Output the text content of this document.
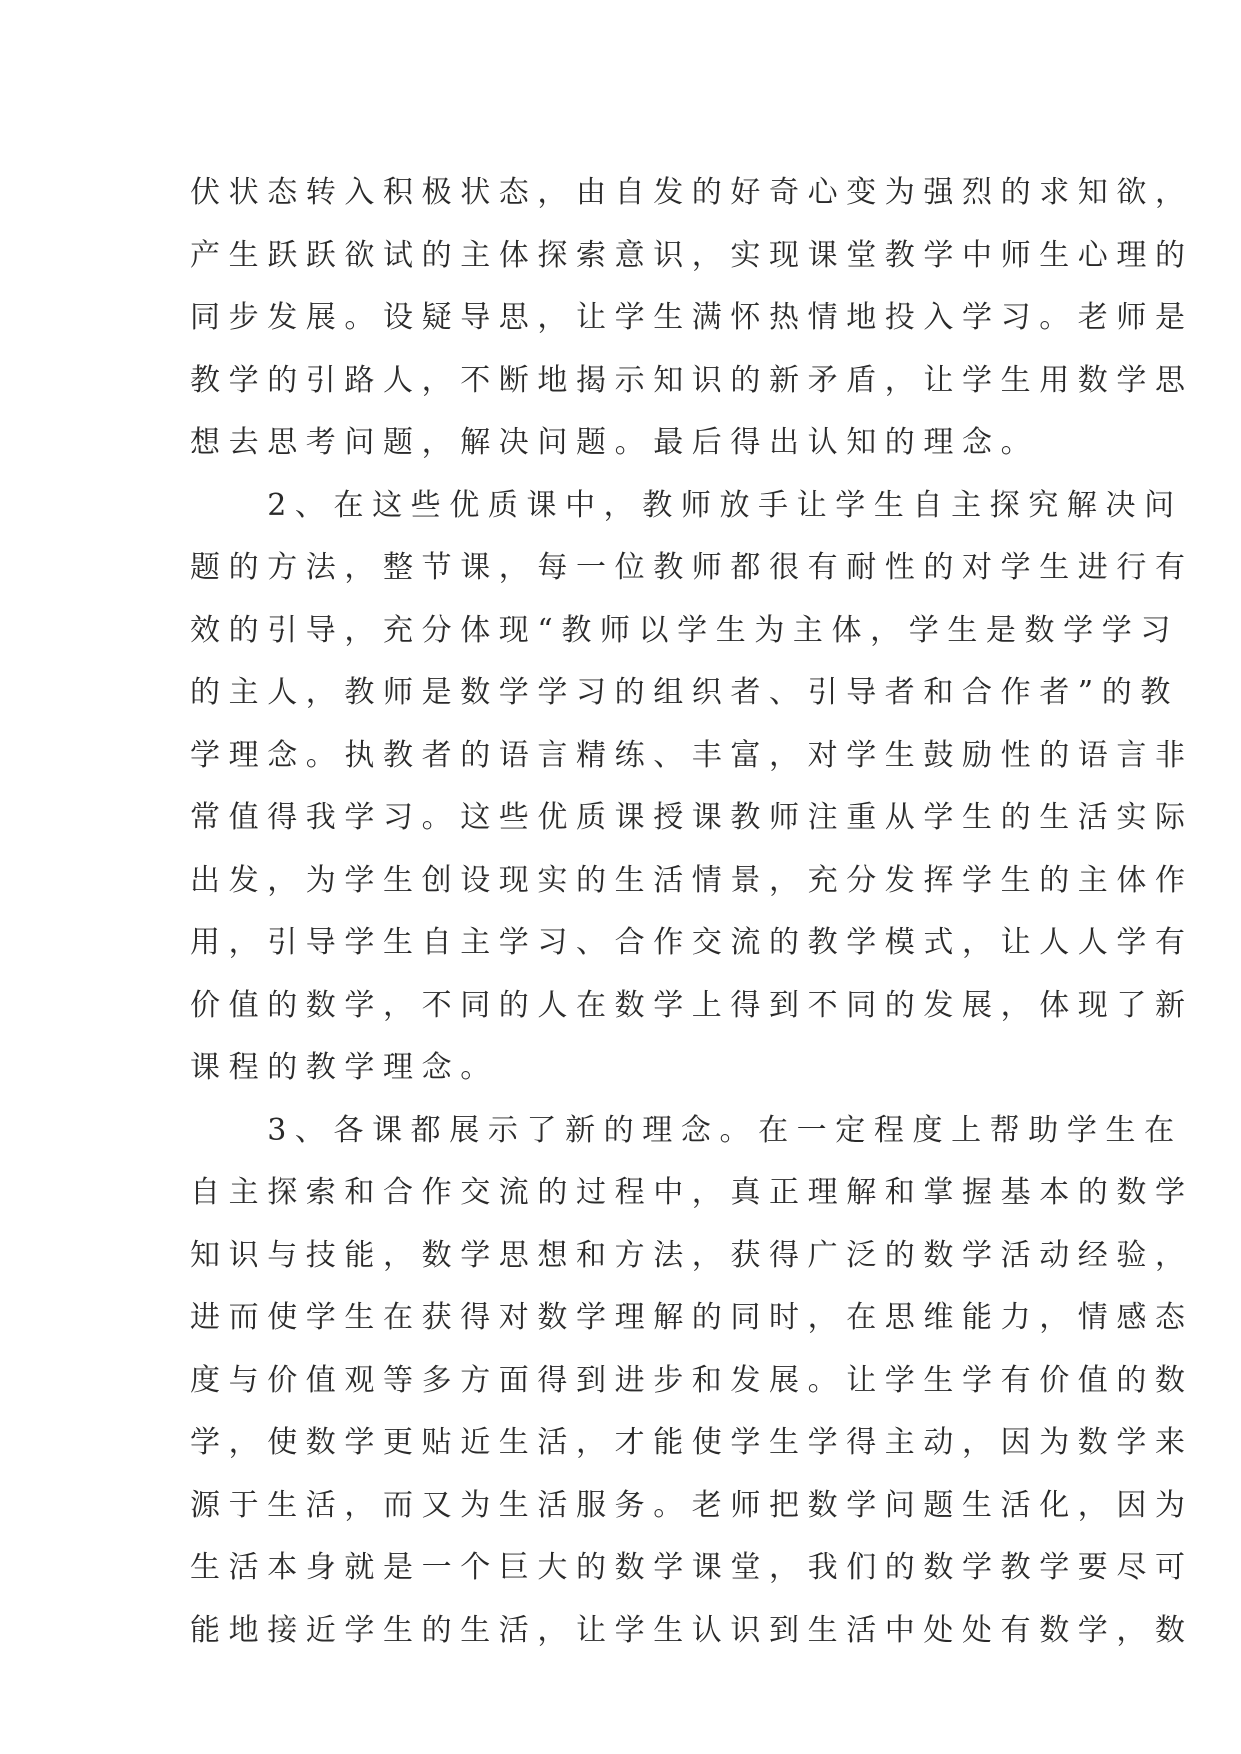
伏状态转入积极状态，由自发的好奇心变为强烈的求知欲，
产生跃跃欲试的主体探索意识，实现课堂教学中师生心理的
同步发展。设疑导思，让学生满怀热情地投入学习。老师是
教学的引路人，不断地揭示知识的新矛盾，让学生用数学思
想去思考问题，解决问题。最后得出认知的理念。
　　2、在这些优质课中，教师放手让学生自主探究解决问
题的方法，整节课，每一位教师都很有耐性的对学生进行有
效的引导，充分体现“教师以学生为主体，学生是数学学习
的主人，教师是数学学习的组织者、引导者和合作者”的教
学理念。执教者的语言精练、丰富，对学生鼓励性的语言非
常值得我学习。这些优质课授课教师注重从学生的生活实际
出发，为学生创设现实的生活情景，充分发挥学生的主体作
用，引导学生自主学习、合作交流的教学模式，让人人学有
价值的数学，不同的人在数学上得到不同的发展，体现了新
课程的教学理念。
　　3、各课都展示了新的理念。在一定程度上帮助学生在
自主探索和合作交流的过程中，真正理解和掌握基本的数学
知识与技能，数学思想和方法，获得广泛的数学活动经验，
进而使学生在获得对数学理解的同时，在思维能力，情感态
度与价值观等多方面得到进步和发展。让学生学有价值的数
学，使数学更贴近生活，才能使学生学得主动，因为数学来
源于生活，而又为生活服务。老师把数学问题生活化，因为
生活本身就是一个巨大的数学课堂，我们的数学教学要尽可
能地接近学生的生活，让学生认识到生活中处处有数学，数
